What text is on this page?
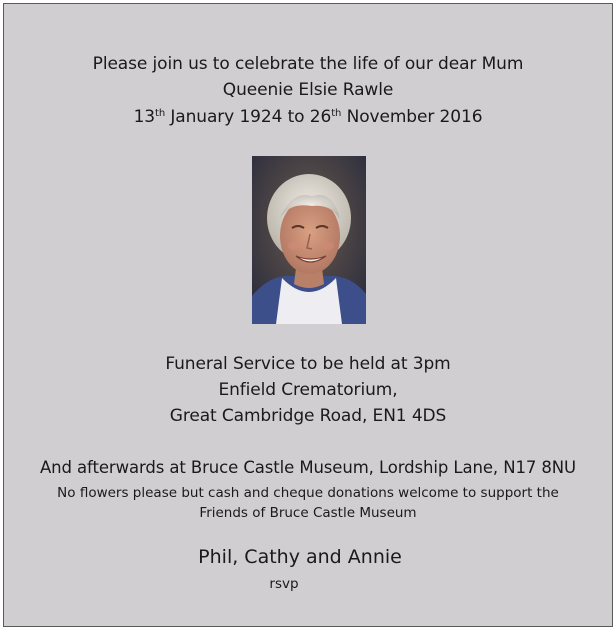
Please join us to celebrate the life of our dear Mum
Queenie Elsie Rawle
13th January 1924 to 26th November 2016
Funeral Service to be held at 3pm
Enfield Crematorium,
Great Cambridge Road, EN1 4DS
And afterwards at Bruce Castle Museum, Lordship Lane, N17 8NU
No flowers please but cash and cheque donations welcome to support the
Friends of Bruce Castle Museum
Phil, Cathy and Annie
rsvp
